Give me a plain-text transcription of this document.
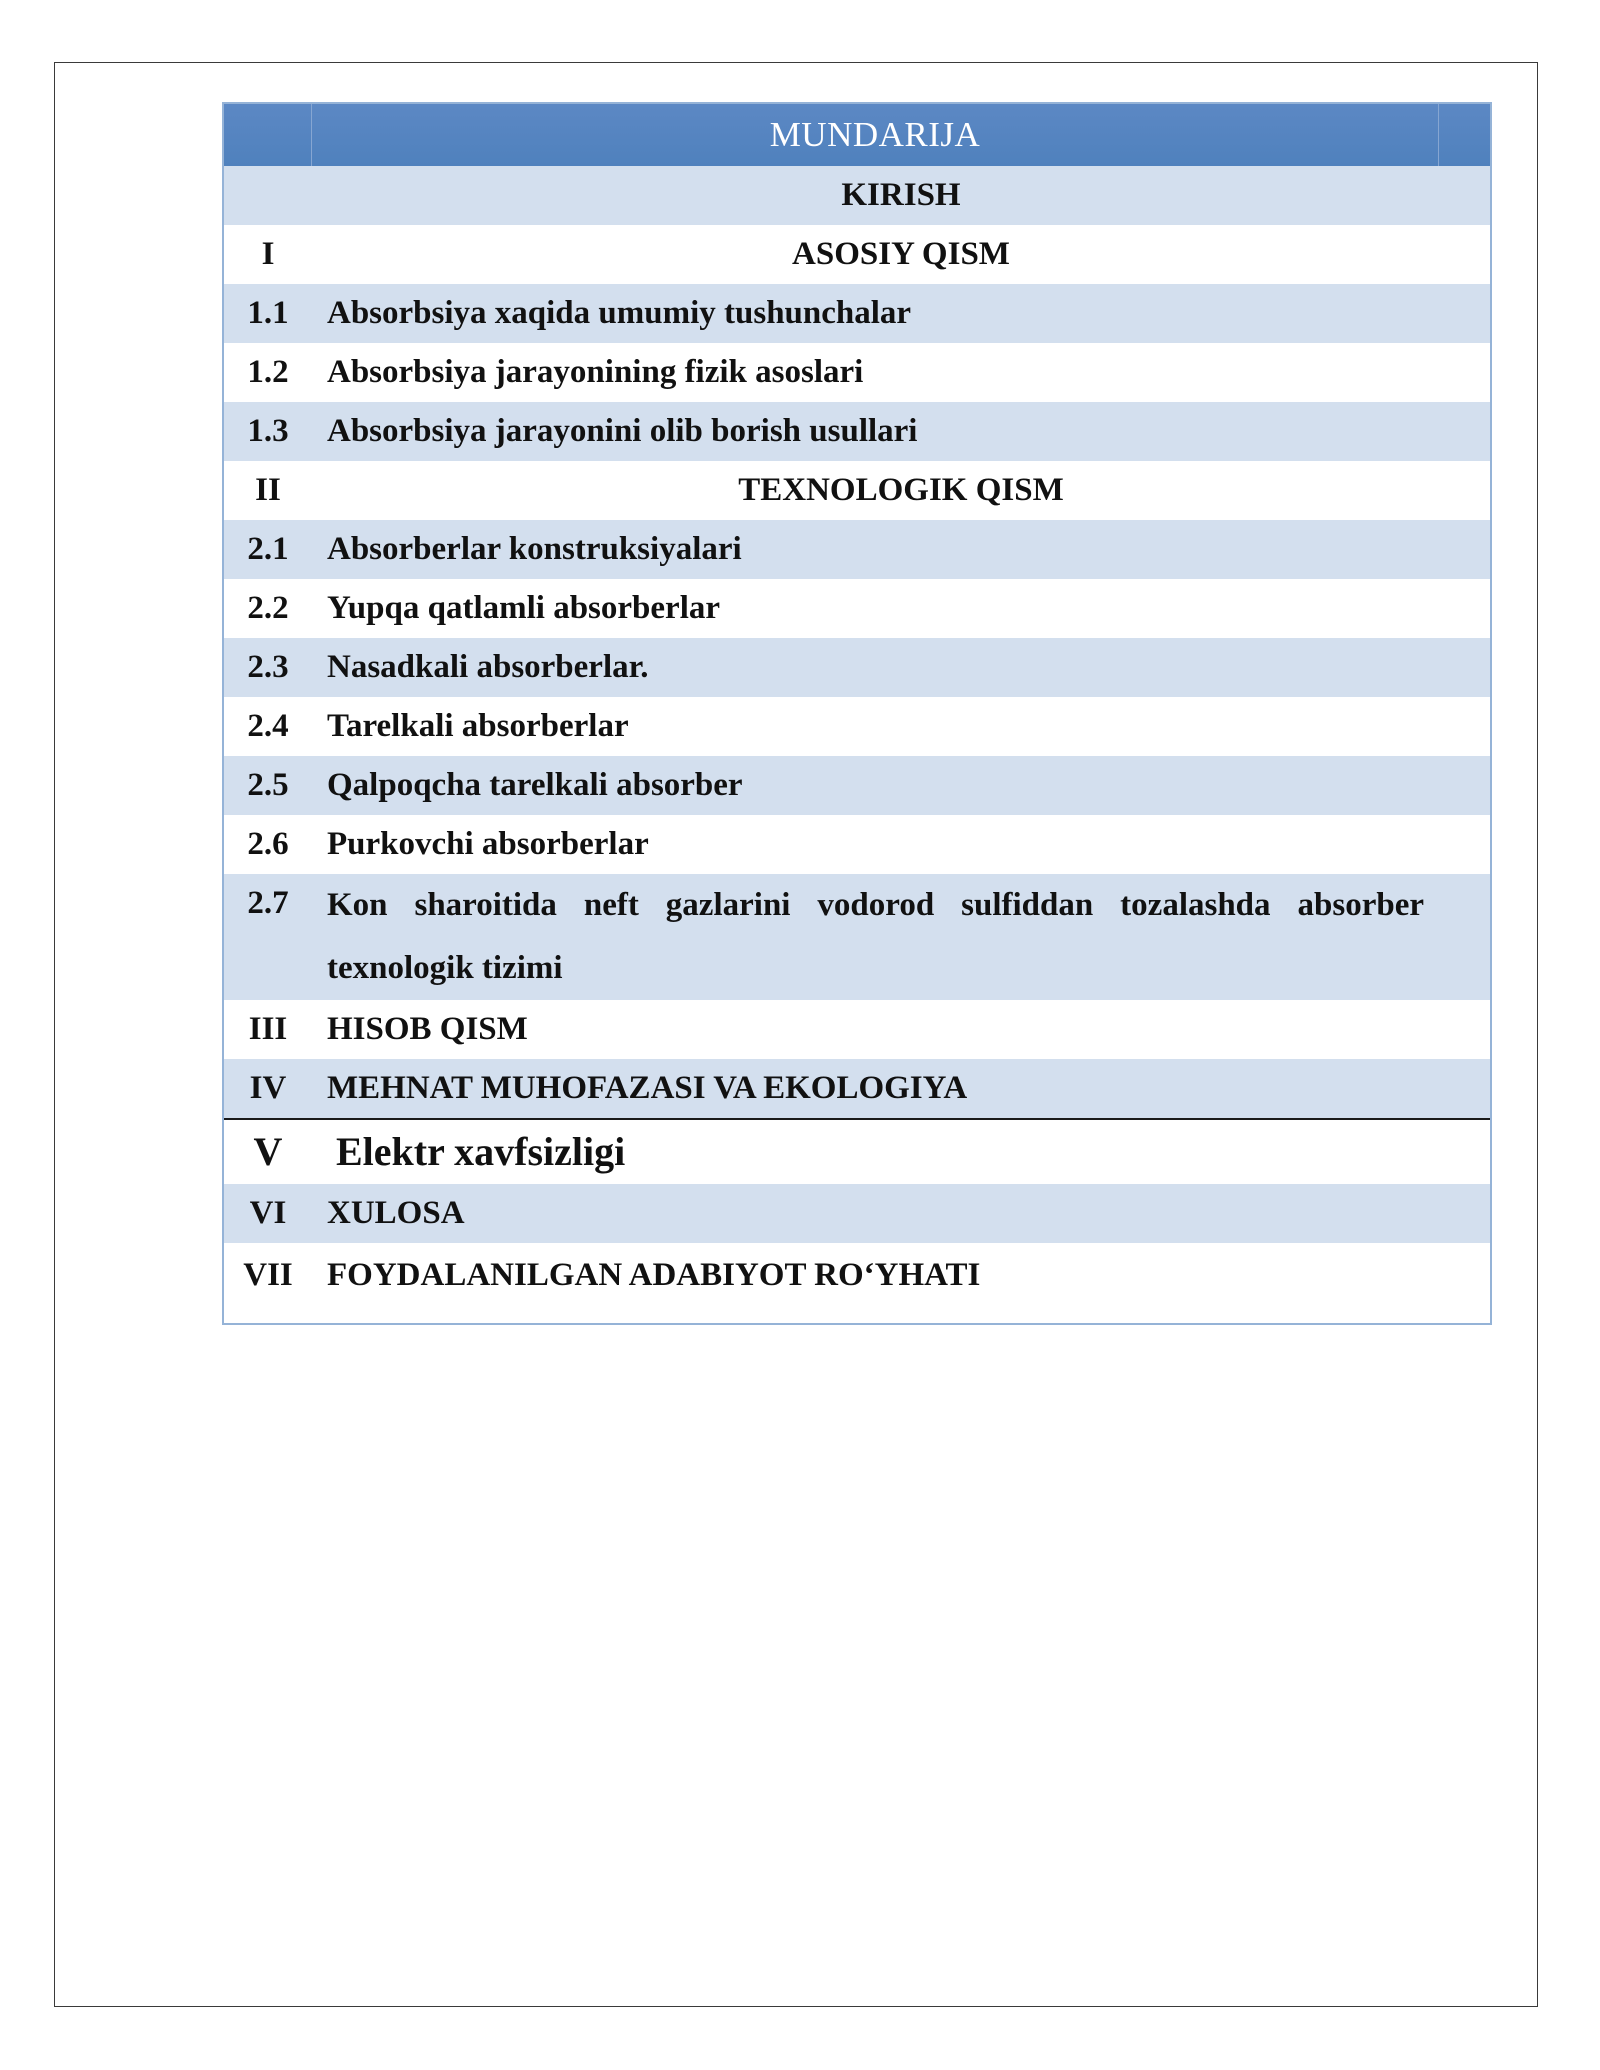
MUNDARIJA
KIRISH
I	ASOSIY QISM
1.1	Absorbsiya xaqida umumiy tushunchalar
1.2	Absorbsiya jarayonining fizik asoslari
1.3	Absorbsiya jarayonini olib borish usullari
II	TEXNOLOGIK QISM
2.1	Absorberlar konstruksiyalari
2.2	Yupqa qatlamli absorberlar
2.3	Nasadkali absorberlar.
2.4	Tarelkali absorberlar
2.5	Qalpoqcha tarelkali absorber
2.6	Purkovchi absorberlar
2.7	Kon sharoitida neft gazlarini vodorod sulfiddan tozalashda absorber texnologik tizimi
III	HISOB QISM
IV	MEHNAT MUHOFAZASI VA EKOLOGIYA
V	Elektr xavfsizligi
VI	XULOSA
VII	FOYDALANILGAN ADABIYOT RO‘YHATI
